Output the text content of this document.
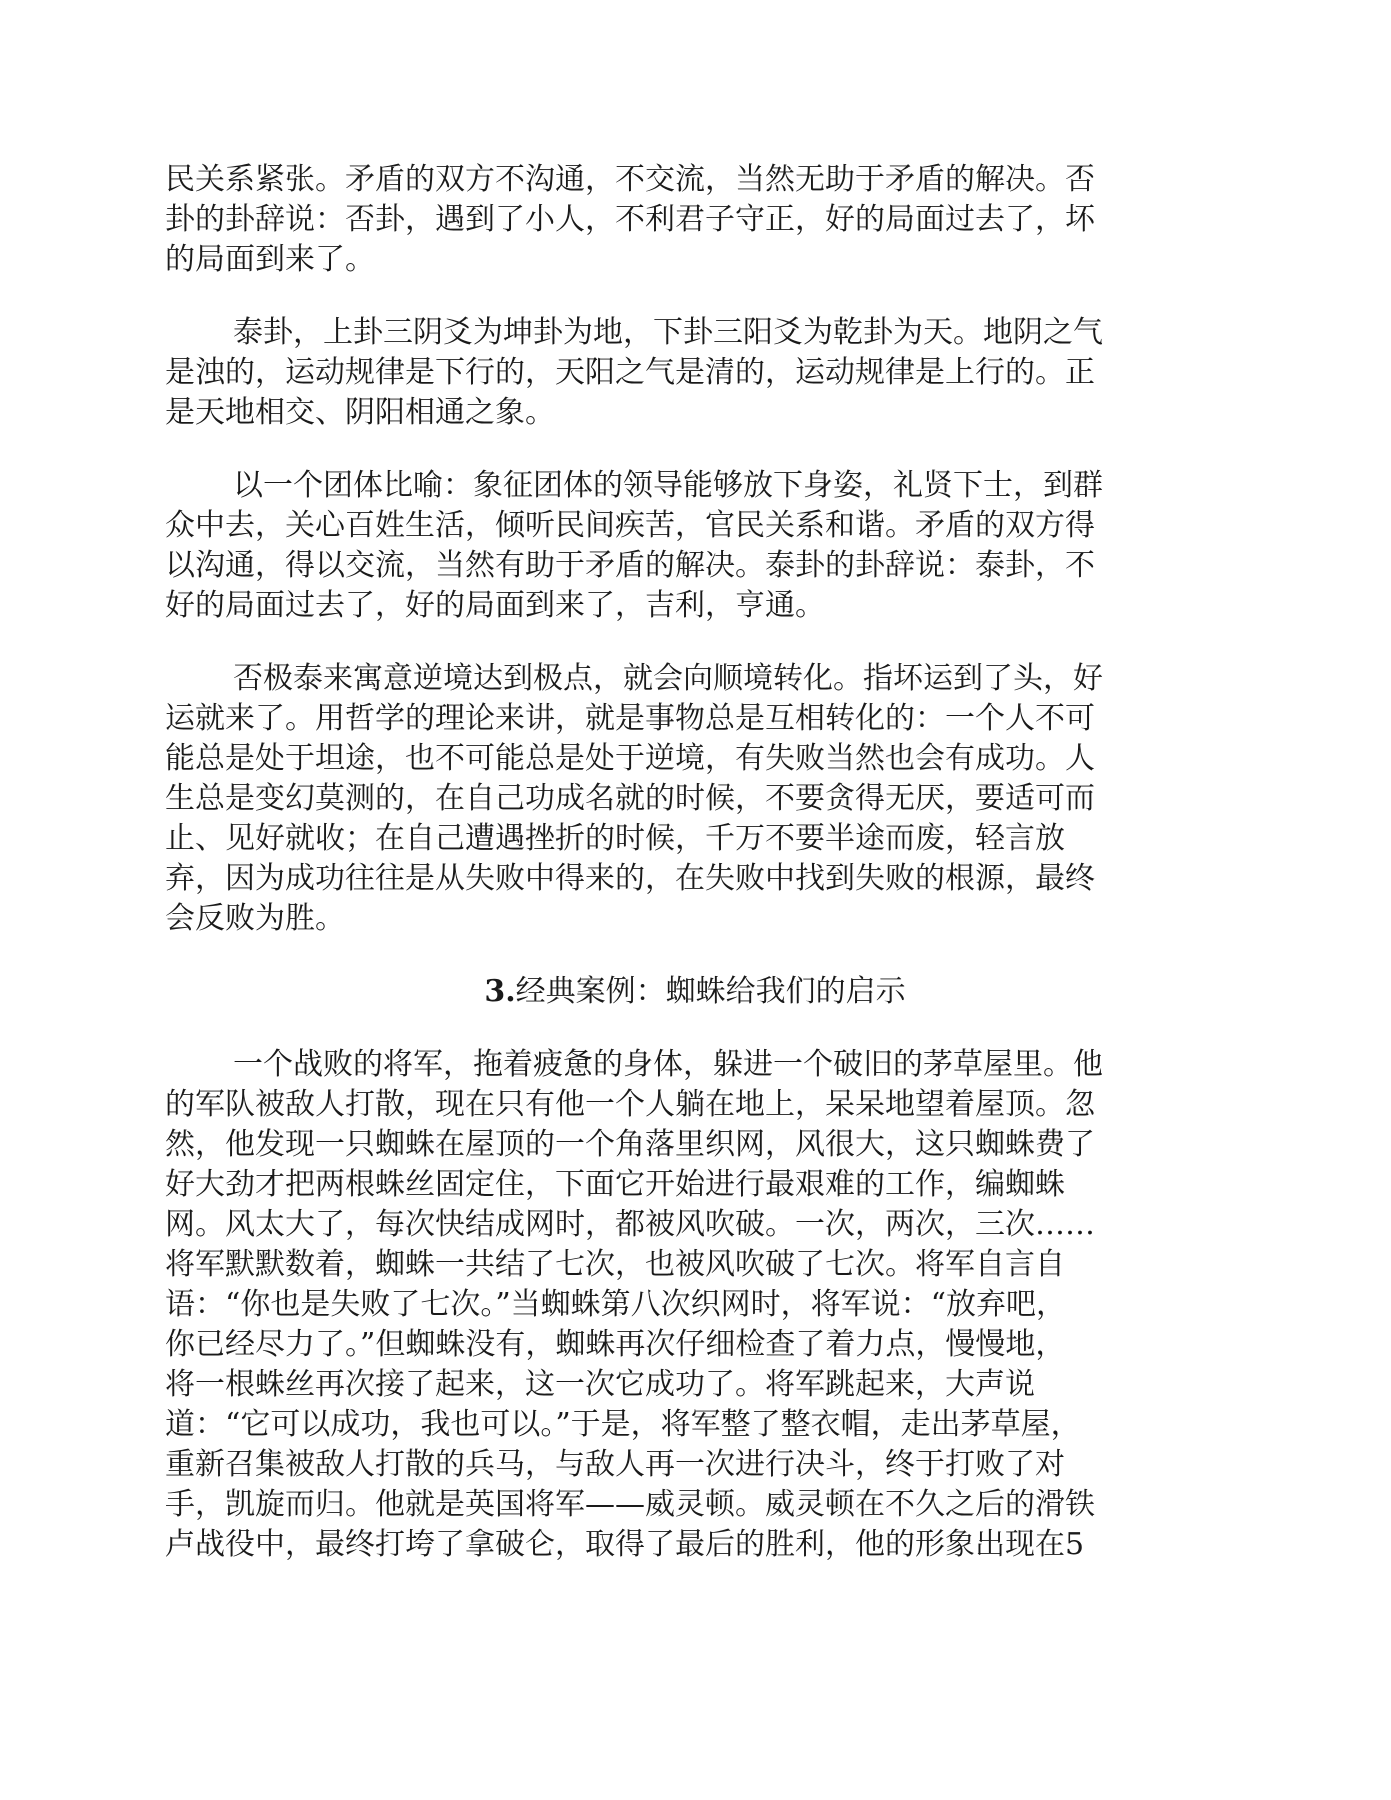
民关系紧张。矛盾的双方不沟通，不交流，当然无助于矛盾的解决。否
卦的卦辞说：否卦，遇到了小人，不利君子守正，好的局面过去了，坏
的局面到来了。
泰卦，上卦三阴爻为坤卦为地，下卦三阳爻为乾卦为天。地阴之气
是浊的，运动规律是下行的，天阳之气是清的，运动规律是上行的。正
是天地相交、阴阳相通之象。
以一个团体比喻：象征团体的领导能够放下身姿，礼贤下士，到群
众中去，关心百姓生活，倾听民间疾苦，官民关系和谐。矛盾的双方得
以沟通，得以交流，当然有助于矛盾的解决。泰卦的卦辞说：泰卦，不
好的局面过去了，好的局面到来了，吉利，亨通。
否极泰来寓意逆境达到极点，就会向顺境转化。指坏运到了头，好
运就来了。用哲学的理论来讲，就是事物总是互相转化的：一个人不可
能总是处于坦途，也不可能总是处于逆境，有失败当然也会有成功。人
生总是变幻莫测的，在自己功成名就的时候，不要贪得无厌，要适可而
止、见好就收；在自己遭遇挫折的时候，千万不要半途而废，轻言放
弃，因为成功往往是从失败中得来的，在失败中找到失败的根源，最终
会反败为胜。
3.经典案例：蜘蛛给我们的启示
一个战败的将军，拖着疲惫的身体，躲进一个破旧的茅草屋里。他
的军队被敌人打散，现在只有他一个人躺在地上，呆呆地望着屋顶。忽
然，他发现一只蜘蛛在屋顶的一个角落里织网，风很大，这只蜘蛛费了
好大劲才把两根蛛丝固定住，下面它开始进行最艰难的工作，编蜘蛛
网。风太大了，每次快结成网时，都被风吹破。一次，两次，三次……
将军默默数着，蜘蛛一共结了七次，也被风吹破了七次。将军自言自
语：“你也是失败了七次。”当蜘蛛第八次织网时，将军说：“放弃吧，
你已经尽力了。”但蜘蛛没有，蜘蛛再次仔细检查了着力点，慢慢地，
将一根蛛丝再次接了起来，这一次它成功了。将军跳起来，大声说
道：“它可以成功，我也可以。”于是，将军整了整衣帽，走出茅草屋，
重新召集被敌人打散的兵马，与敌人再一次进行决斗，终于打败了对
手，凯旋而归。他就是英国将军——威灵顿。威灵顿在不久之后的滑铁
卢战役中，最终打垮了拿破仑，取得了最后的胜利，他的形象出现在5
